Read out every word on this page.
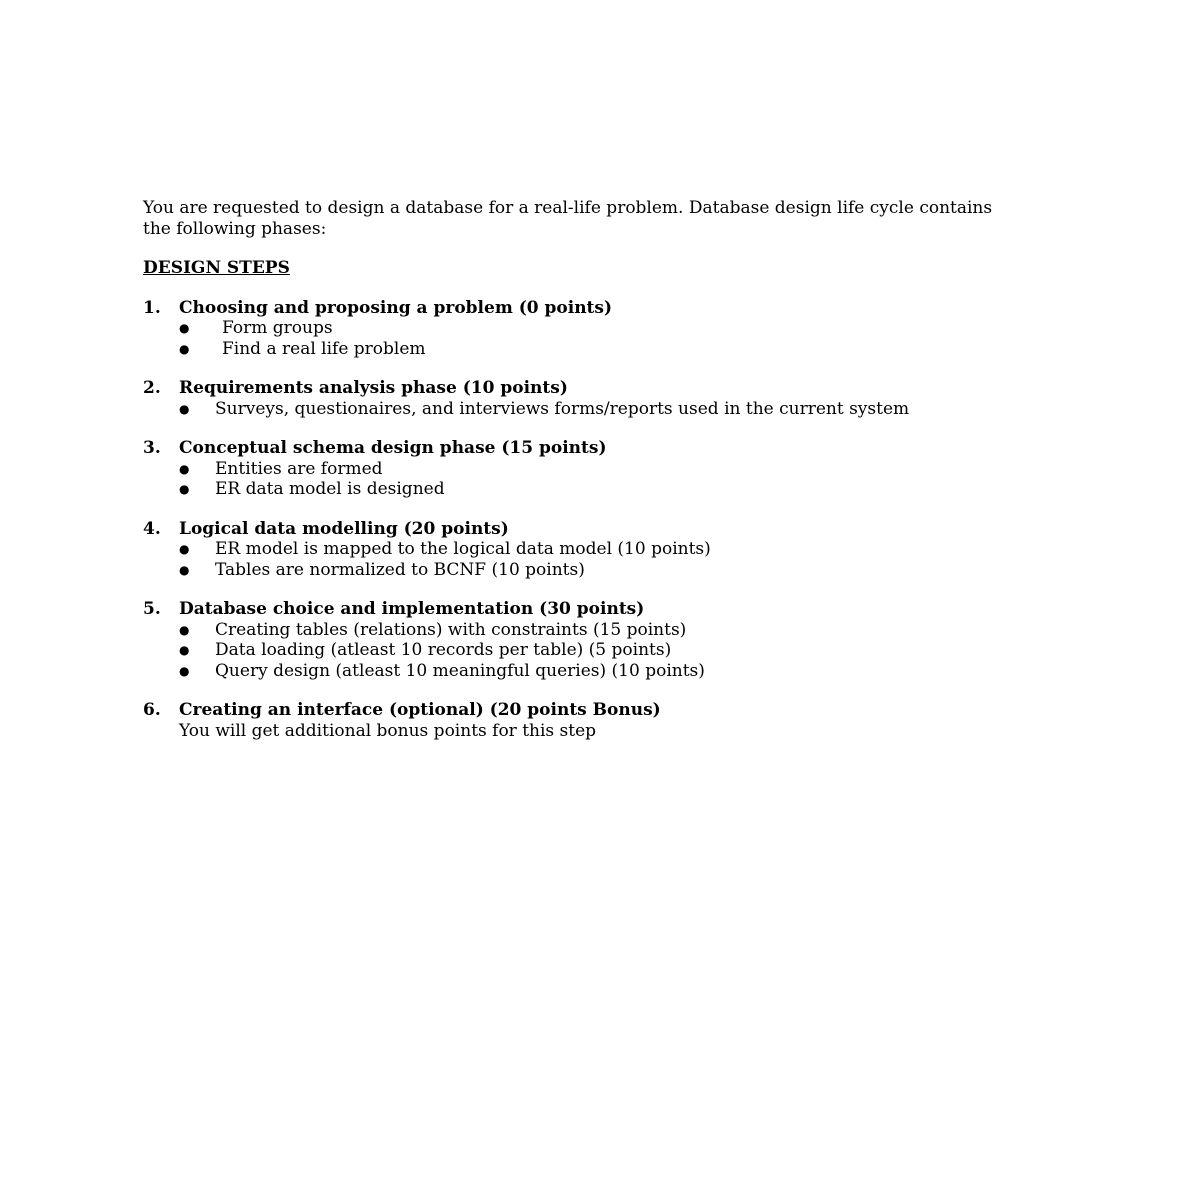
You are requested to design a database for a real-life problem. Database design life cycle contains the following phases:

DESIGN STEPS
1.	Choosing and proposing a problem (0 points)
●	Form groups
●	Find a real life problem
2.	Requirements analysis phase (10 points)
●	Surveys, questionaires, and interviews forms/reports used in the current system
3.	Conceptual schema design phase (15 points)
●	Entities are formed
●	ER data model is designed
4.	Logical data modelling (20 points)
●	ER model is mapped to the logical data model (10 points)
●	Tables are normalized to BCNF (10 points)
5.	Database choice and implementation (30 points)
●	Creating tables (relations) with constraints (15 points)
●	Data loading (atleast 10 records per table) (5 points)
●	Query design (atleast 10 meaningful queries) (10 points)
6.	Creating an interface (optional) (20 points Bonus)
You will get additional bonus points for this step
